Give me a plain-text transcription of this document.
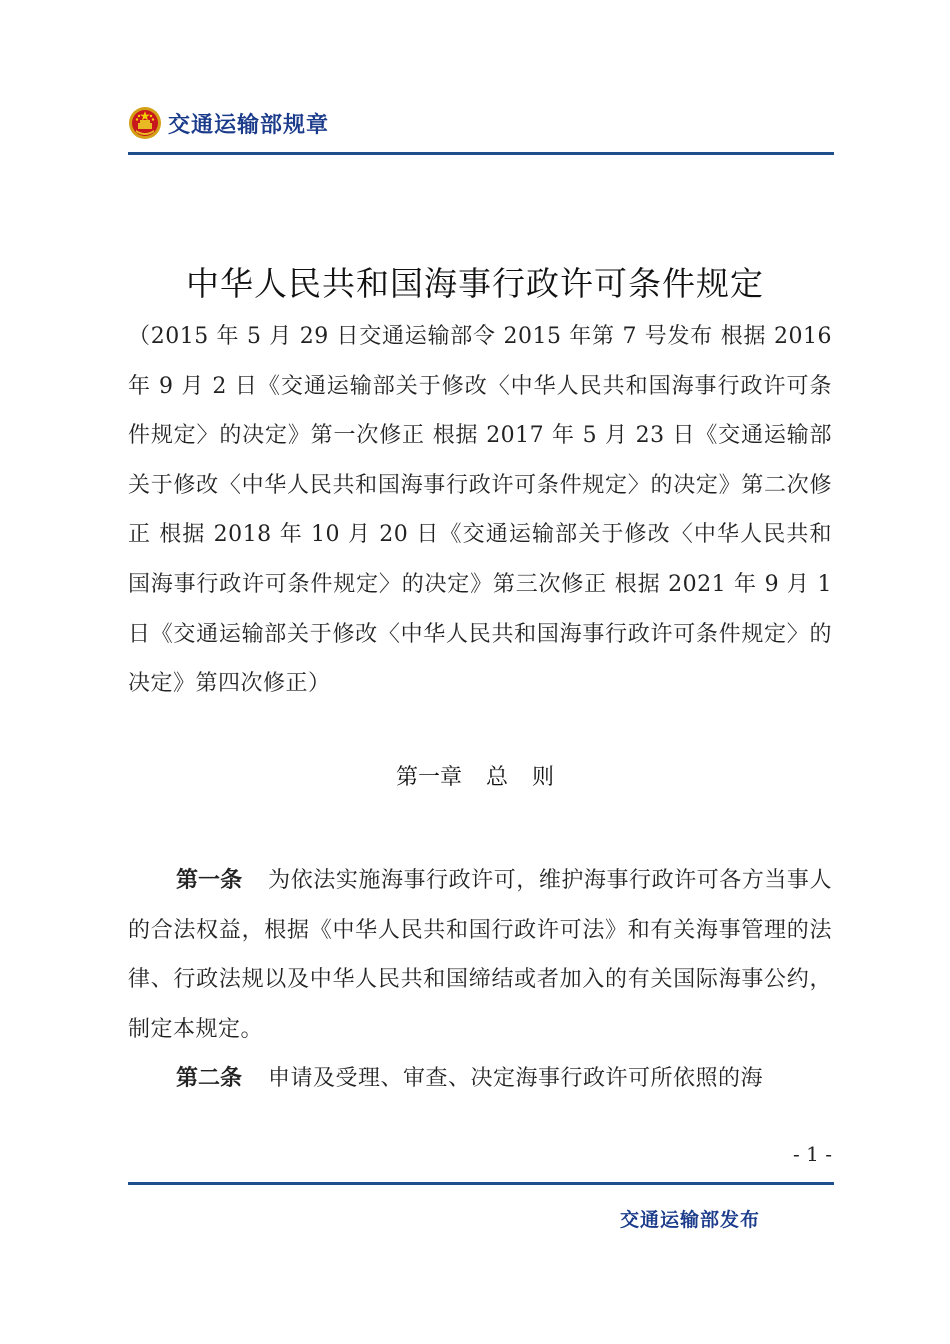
交通运输部规章
中华人民共和国海事行政许可条件规定

（2015 年 5 月 29 日交通运输部令 2015 年第 7 号发布 根据 2016 年 9 月 2 日《交通运输部关于修改〈中华人民共和国海事行政许可条件规定〉的决定》第一次修正 根据 2017 年 5 月 23 日《交通运输部关于修改〈中华人民共和国海事行政许可条件规定〉的决定》第二次修正 根据 2018 年 10 月 20 日《交通运输部关于修改〈中华人民共和国海事行政许可条件规定〉的决定》第三次修正 根据 2021 年 9 月 1 日《交通运输部关于修改〈中华人民共和国海事行政许可条件规定〉的决定》第四次修正）

第一章 总 则

第一条 为依法实施海事行政许可，维护海事行政许可各方当事人的合法权益，根据《中华人民共和国行政许可法》和有关海事管理的法律、行政法规以及中华人民共和国缔结或者加入的有关国际海事公约，制定本规定。

第二条 申请及受理、审查、决定海事行政许可所依照的海

- 1 -
交通运输部发布
